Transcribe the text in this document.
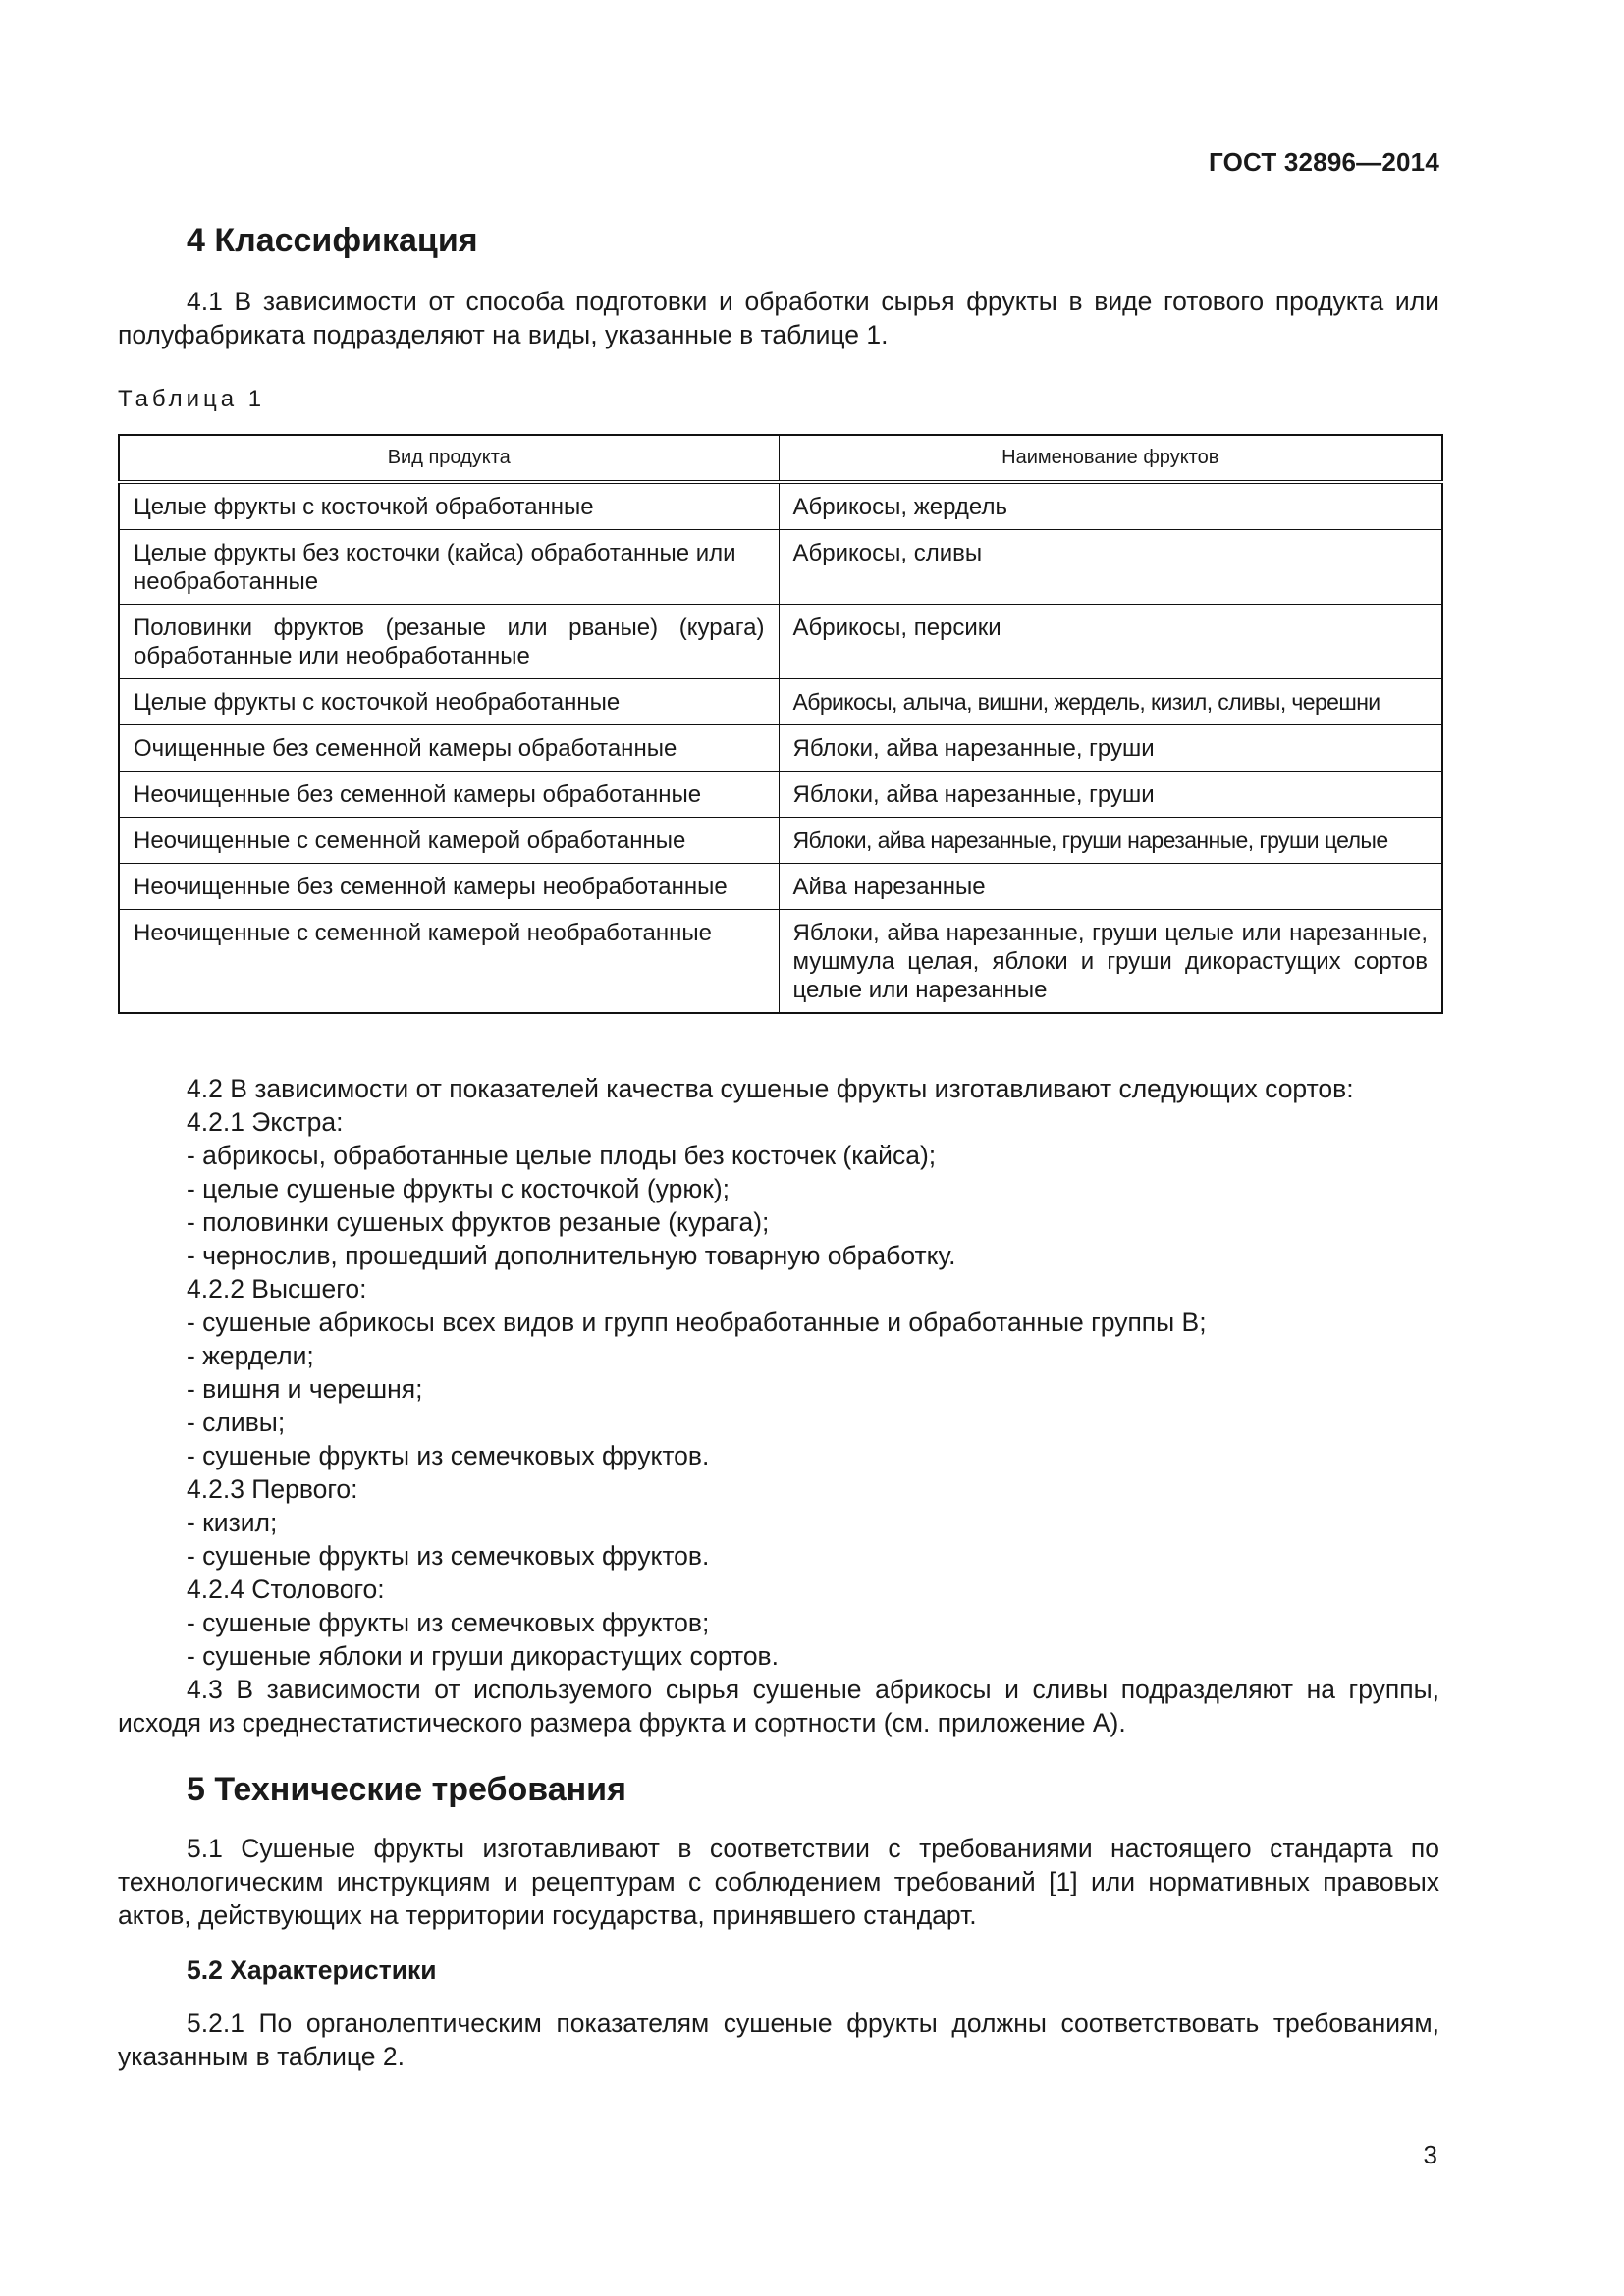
ГОСТ 32896—2014
4 Классификация

4.1 В зависимости от способа подготовки и обработки сырья фрукты в виде готового продукта или полуфабриката подразделяют на виды, указанные в таблице 1.

Таблица 1

Вид продукта	Наименование фруктов
Целые фрукты с косточкой обработанные	Абрикосы, жердель
Целые фрукты без косточки (кайса) обработанные или необработанные	Абрикосы, сливы
Половинки фруктов (резаные или рваные) (курага) обработанные или необработанные	Абрикосы, персики
Целые фрукты с косточкой необработанные	Абрикосы, алыча, вишни, жердель, кизил, сливы, черешни
Очищенные без семенной камеры обработанные	Яблоки, айва нарезанные, груши
Неочищенные без семенной камеры обработанные	Яблоки, айва нарезанные, груши
Неочищенные с семенной камерой обработанные	Яблоки, айва нарезанные, груши нарезанные, груши целые
Неочищенные без семенной камеры необработанные	Айва нарезанные
Неочищенные с семенной камерой необработанные	Яблоки, айва нарезанные, груши целые или нарезанные, мушмула целая, яблоки и груши дикорастущих сортов целые или нарезанные

4.2 В зависимости от показателей качества сушеные фрукты изготавливают следующих сортов:

4.2.1 Экстра:

- абрикосы, обработанные целые плоды без косточек (кайса);

- целые сушеные фрукты с косточкой (урюк);

- половинки сушеных фруктов резаные (курага);

- чернослив, прошедший дополнительную товарную обработку.

4.2.2 Высшего:

- сушеные абрикосы всех видов и групп необработанные и обработанные группы В;

- жердели;

- вишня и черешня;

- сливы;

- сушеные фрукты из семечковых фруктов.

4.2.3 Первого:

- кизил;

- сушеные фрукты из семечковых фруктов.

4.2.4 Столового:

- сушеные фрукты из семечковых фруктов;

- сушеные яблоки и груши дикорастущих сортов.

4.3 В зависимости от используемого сырья сушеные абрикосы и сливы подразделяют на группы, исходя из среднестатистического размера фрукта и сортности (см. приложение А).

5 Технические требования

5.1 Сушеные фрукты изготавливают в соответствии с требованиями настоящего стандарта по технологическим инструкциям и рецептурам с соблюдением требований [1] или нормативных правовых актов, действующих на территории государства, принявшего стандарт.

5.2 Характеристики

5.2.1 По органолептическим показателям сушеные фрукты должны соответствовать требованиям, указанным в таблице 2.

3
